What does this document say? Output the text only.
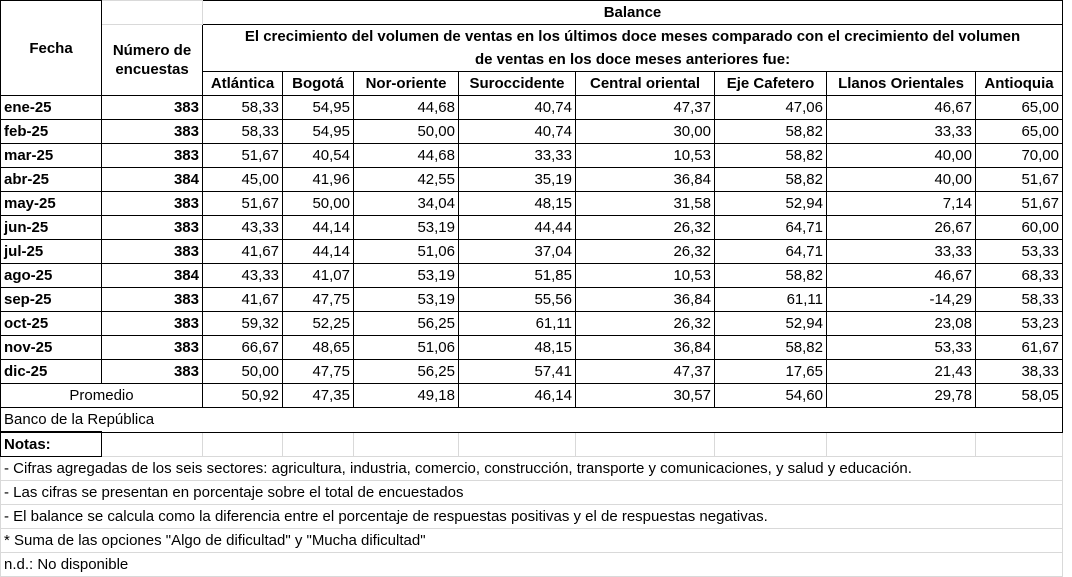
Fecha		Balance							
	Número de
encuestas	El crecimiento del volumen de ventas en los últimos doce meses comparado con el crecimiento del volumen							
		de ventas en los doce meses anteriores fue:							
		Atlántica	Bogotá	Nor-oriente	Suroccidente	Central oriental	Eje Cafetero	Llanos Orientales	Antioquia
ene-25	383	58,33	54,95	44,68	40,74	47,37	47,06	46,67	65,00
feb-25	383	58,33	54,95	50,00	40,74	30,00	58,82	33,33	65,00
mar-25	383	51,67	40,54	44,68	33,33	10,53	58,82	40,00	70,00
abr-25	384	45,00	41,96	42,55	35,19	36,84	58,82	40,00	51,67
may-25	383	51,67	50,00	34,04	48,15	31,58	52,94	7,14	51,67
jun-25	383	43,33	44,14	53,19	44,44	26,32	64,71	26,67	60,00
jul-25	383	41,67	44,14	51,06	37,04	26,32	64,71	33,33	53,33
ago-25	384	43,33	41,07	53,19	51,85	10,53	58,82	46,67	68,33
sep-25	383	41,67	47,75	53,19	55,56	36,84	61,11	-14,29	58,33
oct-25	383	59,32	52,25	56,25	61,11	26,32	52,94	23,08	53,23
nov-25	383	66,67	48,65	51,06	48,15	36,84	58,82	53,33	61,67
dic-25	383	50,00	47,75	56,25	57,41	47,37	17,65	21,43	38,33
Promedio		50,92	47,35	49,18	46,14	30,57	54,60	29,78	58,05
Banco de la República									
Notas:									
- Cifras agregadas de los seis sectores: agricultura, industria, comercio, construcción, transporte y comunicaciones, y salud y educación.									
- Las cifras se presentan en porcentaje sobre el total de encuestados									
- El balance se calcula como la diferencia entre el porcentaje de respuestas positivas y el de respuestas negativas.									
* Suma de las opciones "Algo de dificultad" y "Mucha dificultad"									
n.d.: No disponible									
